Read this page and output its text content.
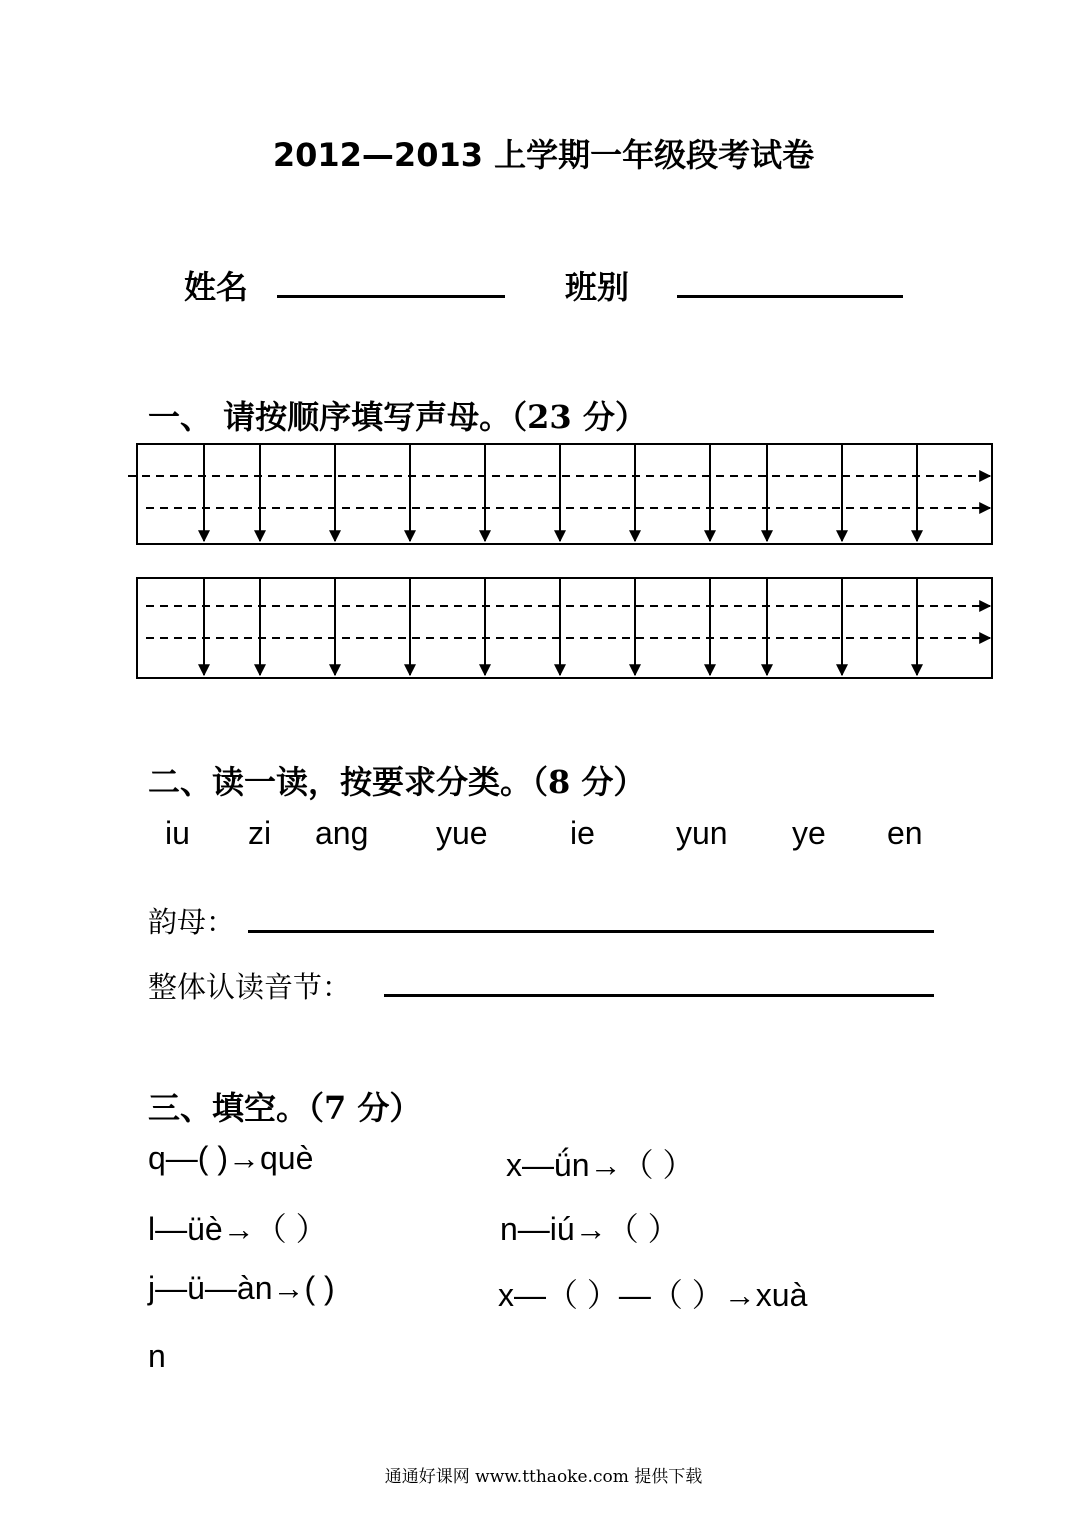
2012—2013 上学期一年级段考试卷
姓名	班别
一、 请按顺序填写声母。（23 分）
二、读一读，按要求分类。（8 分）
iu zi ang yue	ie	yun ye en
韵母：
整体认读音节：
三、填空。（7 分）
q—( )→què	x—ǘn→（ ）
l—üè→（ ）	n—iú→（ ）
j—ü—àn→( )	x—（ ）—（ ）→xuà
n
通通好课网 www.tthaoke.com 提供下载
